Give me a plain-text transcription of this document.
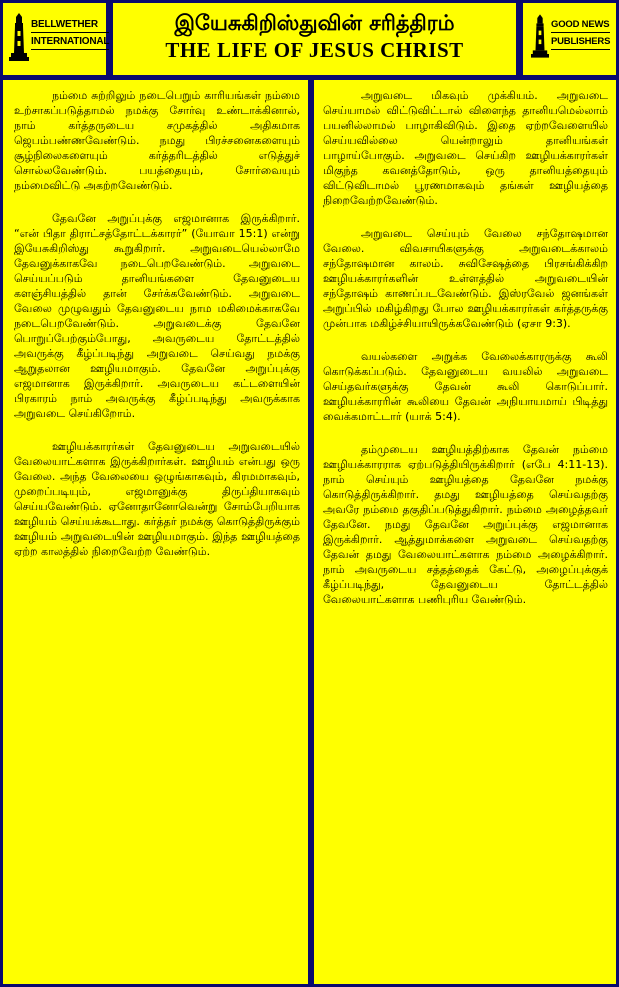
BELLWETHER
INTERNATIONAL
இயேசுகிறிஸ்துவின் சரித்திரம்
THE LIFE OF JESUS CHRIST
GOOD NEWS
PUBLISHERS

நம்மை சுற்றிலும் நடைபெறும் காரியங்கள் நம்மை உற்சாகப்படுத்தாமல் நமக்கு சோர்வு உண்டாக்கினால், நாம் கர்த்தருடைய சமுகத்தில் அதிகமாக ஜெபம்பண்ணவேண்டும். நமது பிரச்சனைகளையும் சூழ்நிலைகளையும் கர்த்தரிடத்தில் எடுத்துச் சொல்லவேண்டும். பயத்தையும், சோர்வையும் நம்மைவிட்டு அகற்றவேண்டும்.

தேவனே அறுப்புக்கு எஜமானாக இருக்கிறார். “என் பிதா திராட்சத்தோட்டக்காரர்” (யோவா 15:1) என்று இயேசுகிறிஸ்து கூறுகிறார். அறுவடையெல்லாமே தேவனுக்காகவே நடைபெறவேண்டும். அறுவடை செய்யப்படும் தானியங்களை தேவனுடைய களஞ்சியத்தில் தான் சேர்க்கவேண்டும். அறுவடை வேலை முழுவதும் தேவனுடைய நாம மகிமைக்காகவே நடைபெறவேண்டும். அறுவடைக்கு தேவனே பொறுப்பேற்கும்போது, அவருடைய தோட்டத்தில் அவருக்கு கீழ்ப்படிந்து அறுவடை செய்வது நமக்கு ஆறுதலான ஊழியமாகும். தேவனே அறுப்புக்கு எஜமானாக இருக்கிறார். அவருடைய கட்டளையின் பிரகாரம் நாம் அவருக்கு கீழ்ப்படிந்து அவருக்காக அறுவடை செய்கிறோம்.

ஊழியக்காரர்கள் தேவனுடைய அறுவடையில் வேலையாட்களாக இருக்கிறார்கள். ஊழியம் என்பது ஒரு வேலை. அந்த வேலையை ஒழுங்காகவும், கிரமமாகவும், முறைப்படியும், எஜமானுக்கு திருப்தியாகவும் செய்யவேண்டும். ஏனோதானோவென்று சோம்பேறியாக ஊழியம் செய்யக்கூடாது. கர்த்தர் நமக்கு கொடுத்திருக்கும் ஊழியம் அறுவடையின் ஊழியமாகும். இந்த ஊழியத்தை ஏற்ற காலத்தில் நிறைவேற்ற வேண்டும்.

அறுவடை மிகவும் முக்கியம். அறுவடை செய்யாமல் விட்டுவிட்டால் விளைந்த தானியமெல்லாம் பயனில்லாமல் பாழாகிவிடும். இதை ஏற்றவேளையில் செய்யவில்லை யென்றாலும் தானியங்கள் பாழாய்போகும். அறுவடை செய்கிற ஊழியக்காரர்கள் மிகுந்த கவனத்தோடும், ஒரு தானியத்தையும் விட்டுவிடாமல் பூரணமாகவும் தங்கள் ஊழியத்தை நிறைவேற்றவேண்டும்.

அறுவடை செய்யும் வேலை சந்தோஷமான வேலை. விவசாயிகளுக்கு அறுவடைக்காலம் சந்தோஷமான காலம். சுவிசேஷத்தை பிரசங்கிக்கிற ஊழியக்காரர்களின் உள்ளத்தில் அறுவடையின் சந்தோஷம் காணப்படவேண்டும். இஸ்ரவேல் ஜனங்கள் அறுப்பில் மகிழ்கிறது போல ஊழியக்காரர்கள் கர்த்தருக்கு முன்பாக மகிழ்ச்சியாயிருக்கவேண்டும் (ஏசா 9:3).

வயல்களை அறுக்க வேலைக்காரருக்கு கூலி கொடுக்கப்படும். தேவனுடைய வயலில் அறுவடை செய்தவர்களுக்கு தேவன் கூலி கொடுப்பார். ஊழியக்காரரின் கூலியை தேவன் அநியாயமாய் பிடித்து வைக்கமாட்டார் (யாக் 5:4).

தம்முடைய ஊழியத்திற்காக தேவன் நம்மை ஊழியக்காரராக ஏற்படுத்தியிருக்கிறார் (எபே 4:11-13). நாம் செய்யும் ஊழியத்தை தேவனே நமக்கு கொடுத்திருக்கிறார். தமது ஊழியத்தை செய்வதற்கு அவரே நம்மை தகுதிப்படுத்துகிறார். நம்மை அழைத்தவர் தேவனே. நமது தேவனே அறுப்புக்கு எஜமானாக இருக்கிறார். ஆத்துமாக்களை அறுவடை செய்வதற்கு தேவன் தமது வேலையாட்களாக நம்மை அழைக்கிறார். நாம் அவருடைய சத்தத்தைக் கேட்டு, அழைப்புக்குக் கீழ்ப்படிந்து, தேவனுடைய தோட்டத்தில் வேலையாட்களாக பணிபுரிய வேண்டும்.
